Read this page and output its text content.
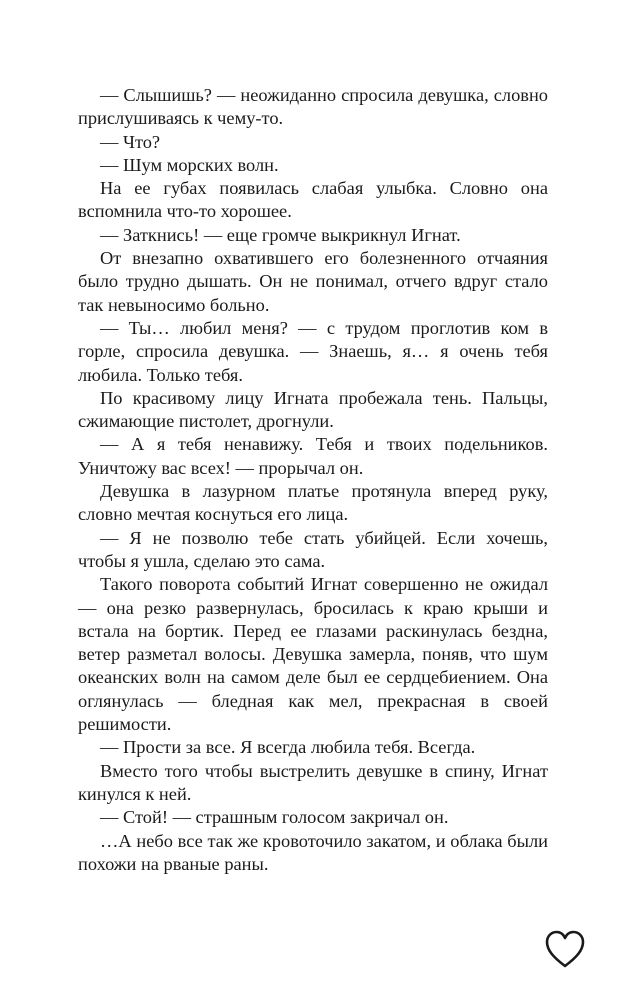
— Слышишь? — неожиданно спросила девушка, словно прислушиваясь к чему-то.

— Что?

— Шум морских волн.

На ее губах появилась слабая улыбка. Словно она вспомнила что-то хорошее.

— Заткнись! — еще громче выкрикнул Игнат.

От внезапно охватившего его болезненного отчаяния было трудно дышать. Он не понимал, отчего вдруг стало так невыносимо больно.

— Ты… любил меня? — с трудом проглотив ком в горле, спросила девушка. — Знаешь, я… я очень тебя любила. Только тебя.

По красивому лицу Игната пробежала тень. Пальцы, сжимающие пистолет, дрогнули.

— А я тебя ненавижу. Тебя и твоих подельников. Уничтожу вас всех! — прорычал он.

Девушка в лазурном платье протянула вперед руку, словно мечтая коснуться его лица.

— Я не позволю тебе стать убийцей. Если хочешь, чтобы я ушла, сделаю это сама.

Такого поворота событий Игнат совершенно не ожидал — она резко развернулась, бросилась к краю крыши и встала на бортик. Перед ее глазами раскинулась бездна, ветер разметал волосы. Девушка замерла, поняв, что шум океанских волн на самом деле был ее сердцебиением. Она оглянулась — бледная как мел, прекрасная в своей решимости.

— Прости за все. Я всегда любила тебя. Всегда.

Вместо того чтобы выстрелить девушке в спину, Игнат кинулся к ней.

— Стой! — страшным голосом закричал он.

…А небо все так же кровоточило закатом, и облака были похожи на рваные раны.
